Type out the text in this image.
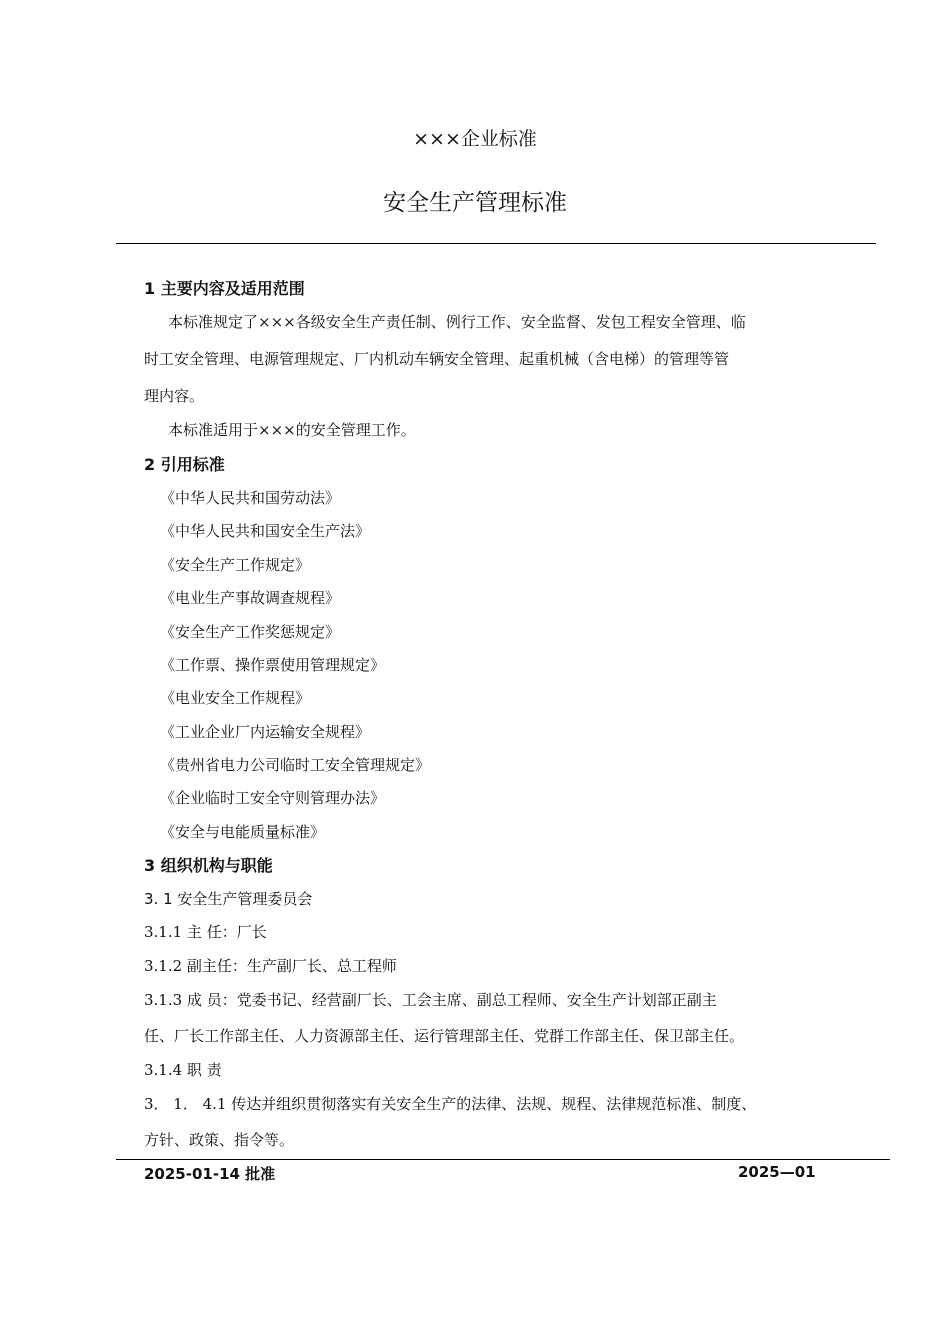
×××企业标准
安全生产管理标准
1 主要内容及适用范围
本标准规定了×××各级安全生产责任制、例行工作、安全监督、发包工程安全管理、临
时工安全管理、电源管理规定、厂内机动车辆安全管理、起重机械（含电梯）的管理等管
理内容。
本标准适用于×××的安全管理工作。
2 引用标准
《中华人民共和国劳动法》
《中华人民共和国安全生产法》
《安全生产工作规定》
《电业生产事故调查规程》
《安全生产工作奖惩规定》
《工作票、操作票使用管理规定》
《电业安全工作规程》
《工业企业厂内运输安全规程》
《贵州省电力公司临时工安全管理规定》
《企业临时工安全守则管理办法》
《安全与电能质量标准》
3 组织机构与职能
3. 1 安全生产管理委员会
3.1.1 主 任：厂长
3.1.2 副主任：生产副厂长、总工程师
3.1.3 成 员：党委书记、经营副厂长、工会主席、副总工程师、安全生产计划部正副主
任、厂长工作部主任、人力资源部主任、运行管理部主任、党群工作部主任、保卫部主任。
3.1.4 职 责
3． 1． 4.1 传达并组织贯彻落实有关安全生产的法律、法规、规程、法律规范标准、制度、
方针、政策、指令等。
2025-01-14 批准	2025—01
